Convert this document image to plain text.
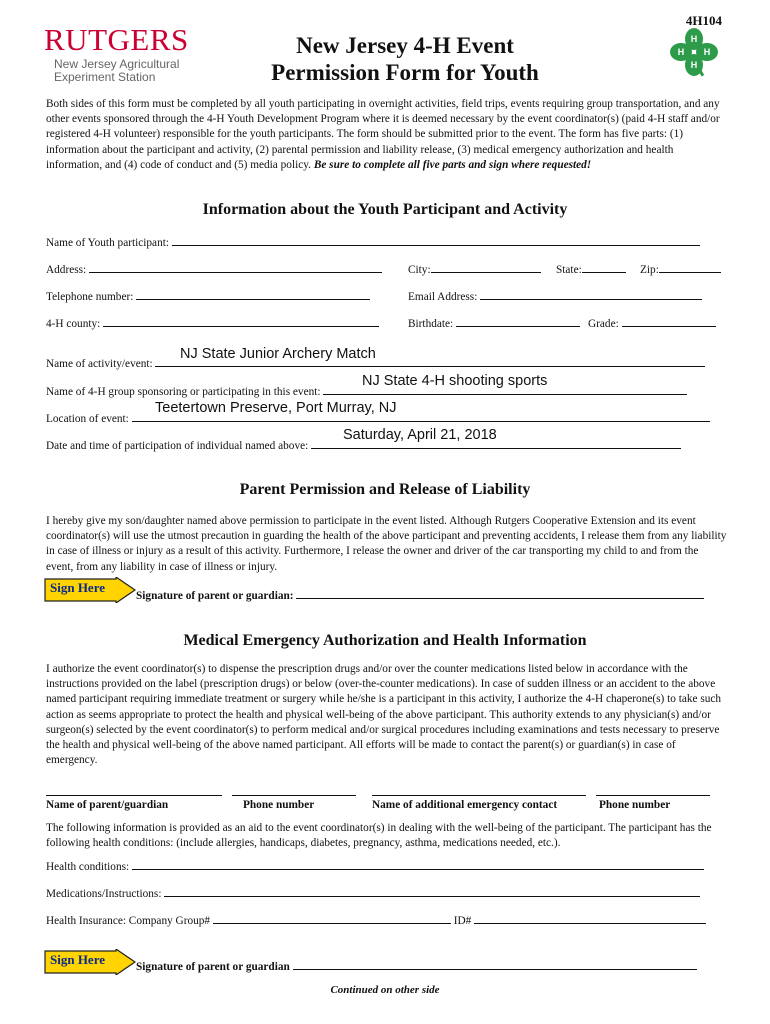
RUTGERS
New Jersey Agricultural
Experiment Station
4H104
New Jersey 4-H Event
Permission Form for Youth
H
H
H H
Both sides of this form must be completed by all youth participating in overnight activities, field trips, events requiring group transportation, and any other events sponsored through the 4-H Youth Development Program where it is deemed necessary by the event coordinator(s) (paid 4-H staff and/or registered 4-H volunteer) responsible for the youth participants. The form should be submitted prior to the event. The form has five parts: (1) information about the participant and activity, (2) parental permission and liability release, (3) medical emergency authorization and health information, and (4) code of conduct and (5) media policy. Be sure to complete all five parts and sign where requested!
Information about the Youth Participant and Activity
Name of Youth participant:
Address:	City:	State:	Zip:
Telephone number:	Email Address:
4-H county:	Birthdate:	Grade:
Name of activity/event:
NJ State Junior Archery Match
Name of 4-H group sponsoring or participating in this event:
NJ State 4-H shooting sports
Location of event:
Teetertown Preserve, Port Murray, NJ
Date and time of participation of individual named above:
Saturday, April 21, 2018
Parent Permission and Release of Liability
I hereby give my son/daughter named above permission to participate in the event listed. Although Rutgers Cooperative Extension and its event coordinator(s) will use the utmost precaution in guarding the health of the above participant and preventing accidents, I release them from any liability in case of illness or injury as a result of this activity. Furthermore, I release the owner and driver of the car transporting my child to and from the event, from any liability in case of illness or injury.
Sign Here
Signature of parent or guardian:
Medical Emergency Authorization and Health Information
I authorize the event coordinator(s) to dispense the prescription drugs and/or over the counter medications listed below in accordance with the instructions provided on the label (prescription drugs) or below (over-the-counter medications). In case of sudden illness or an accident to the above named participant requiring immediate treatment or surgery while he/she is a participant in this activity, I authorize the 4-H chaperone(s) to take such action as seems appropriate to protect the health and physical well-being of the above participant. This authority extends to any physician(s) and/or surgeon(s) selected by the event coordinator(s) to perform medical and/or surgical procedures including examinations and tests necessary to preserve the health and physical well-being of the above named participant. All efforts will be made to contact the parent(s) or guardian(s) in case of emergency.
Name of parent/guardian	Phone number	Name of additional emergency contact	Phone number
The following information is provided as an aid to the event coordinator(s) in dealing with the well-being of the participant. The participant has the following health conditions: (include allergies, handicaps, diabetes, pregnancy, asthma, medications needed, etc.).
Health conditions:
Medications/Instructions:
Health Insurance: Company Group#	ID#
Sign Here	Signature of parent or guardian
Continued on other side
